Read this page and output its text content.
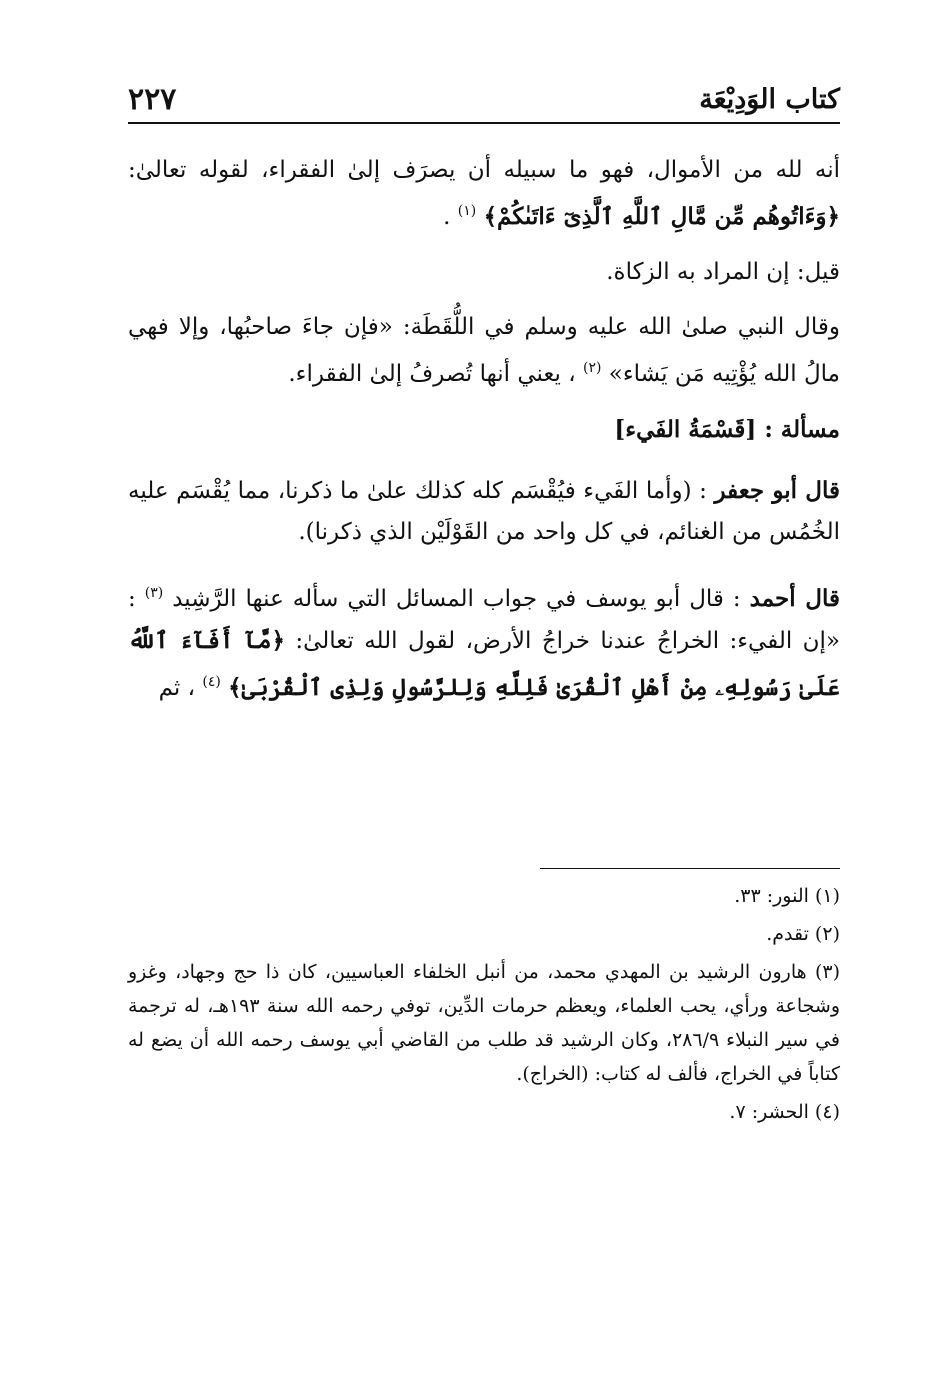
كتاب الوَدِيْعَة
٢٢٧

أنه لله من الأموال، فهو ما سبيله أن يصرَف إلىٰ الفقراء، لقوله تعالىٰ: ﴿وَءَاتُوهُم مِّن مَّالِ ٱللَّهِ ٱلَّذِىٓ ءَاتَىٰكُمْ﴾ $^{(١)}$ .

قيل: إن المراد به الزكاة.

وقال النبي صلىٰ الله عليه وسلم في اللُّقَطَة: «فإن جاءَ صاحبُها، وإلا فهي مالُ الله يُؤْتِيه مَن يَشاء» $^{(٢)}$ ، يعني أنها تُصرفُ إلىٰ الفقراء.

مسألة : [قَسْمَةُ الفَيء]

قال أبو جعفر : (وأما الفَيء فيُقْسَم كله كذلك علىٰ ما ذكرنا، مما يُقْسَم عليه الخُمُس من الغنائم، في كل واحد من القَوْلَيْن الذي ذكرنا).

قال أحمد : قال أبو يوسف في جواب المسائل التي سأله عنها الرَّشِيد $^{(٣)}$ : «إن الفيء: الخراجُ عندنا خراجُ الأرض، لقول الله تعالىٰ: ﴿مَّآ أَفَآءَ ٱللَّهُ عَلَىٰ رَسُولِهِۦ مِنْ أَهْلِ ٱلْقُرَىٰ فَلِلَّهِ وَلِلرَّسُولِ وَلِذِى ٱلْقُرْبَىٰ﴾ $^{(٤)}$ ، ثم

(١) النور: ٣٣.

(٢) تقدم.

(٣) هارون الرشيد بن المهدي محمد، من أنبل الخلفاء العباسيين، كان ذا حج وجهاد، وغزو وشجاعة ورأي، يحب العلماء، ويعظم حرمات الدِّين، توفي رحمه الله سنة ١٩٣هـ، له ترجمة في سير النبلاء ٢٨٦/٩، وكان الرشيد قد طلب من القاضي أبي يوسف رحمه الله أن يضع له كتاباً في الخراج، فألف له كتاب: (الخراج).

(٤) الحشر: ٧.
